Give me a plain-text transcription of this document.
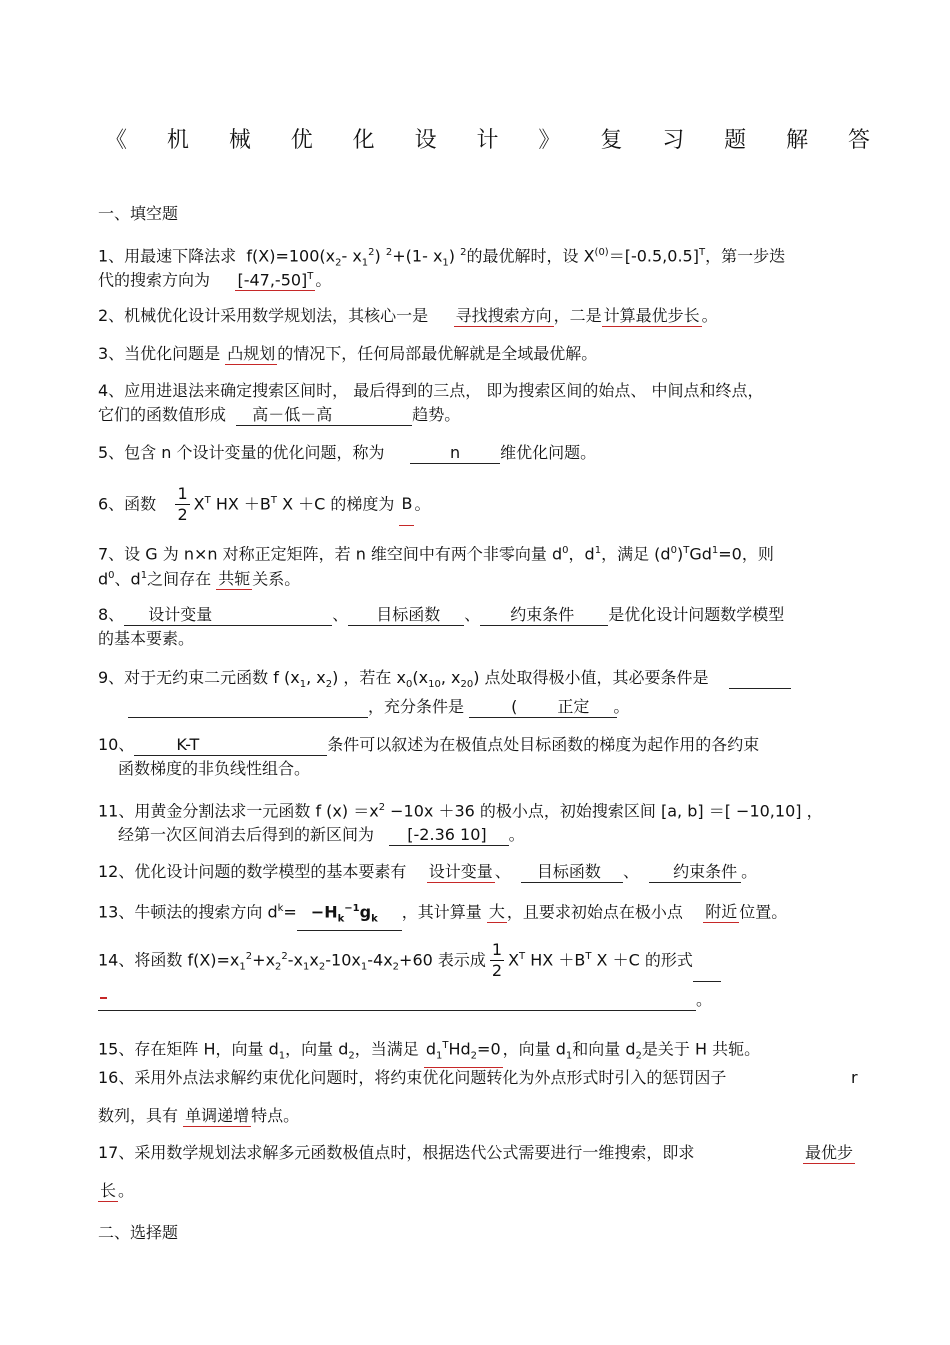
《 机 械 优 化 设 计 》 复 习 题 解 答
一、填空题
1、用最速下降法求 $f(X)=100(x_2-$ $x_1^2$) $^2$+(1- $x_1$) $^2$的最优解时，设 $X^{(0)}=[-0.5,0.5]^T$，第一步迭
代的搜索方向为 $[-47,-50]^T$ 。
2、机械优化设计采用数学规划法，其核心一是 寻找搜索方向 ，二是 计算最优步长 。
3、当优化问题是 凸规划 的情况下，任何局部最优解就是全域最优解。
4、应用进退法来确定搜索区间时， 最后得到的三点， 即为搜索区间的始点、 中间点和终点，
它们的函数值形成 高－低－高	趋势。
5、包含 n 个设计变量的优化问题，称为	n	维优化问题。
6、函数 $\frac{1}{2} X^T$ HX $+B^T$ X ＋C 的梯度为 B 。
7、设 G 为 n×n 对称正定矩阵，若 n 维空间中有两个非零向量 $d^0$，$d^1$，满足 $(d^0)^TGd^1=0$，则
$d^0$、$d^1$之间存在 共轭 关系。
8、 设计变量	、 目标函数 、 约束条件 是优化设计问题数学模型
的基本要素。
9、对于无约束二元函数 f ($x_1$, $x_2$) ，若在 $x_0(x_{10}$, $x_{20}$) 点处取得极小值，其必要条件是
，充分条件是	(	正定 。
10、	K-T	条件可以叙述为在极值点处目标函数的梯度为起作用的各约束
函数梯度的非负线性组合。
11、用黄金分割法求一元函数 f $(x) =x^2 -10x +36$ 的极小点，初始搜索区间 [a, b] ＝[ −10,10] ，
经第一次区间消去后得到的新区间为 [-2.36 10] 。
12、优化设计问题的数学模型的基本要素有 设计变量 、 目标函数 、 约束条件 。
13、牛顿法的搜索方向 $d^k= -H_k^{-1}g_k$ ，其计算量 大 ，且要求初始点在极小点 附近 位置。
14、将函数 $f(X)=x_1^2+x_2^2-x_1x_2-10x_1-4x_2+60$ 表示成 $\frac{1}{2} X^T$ HX $+B^T$ X ＋C 的形式
。
15、存在矩阵 H，向量 $d_1$，向量 $d_2$，当满足 $d_1^THd_2=0$ ，向量 $d_1$和向量 $d_2$是关于 H 共轭。
16、采用外点法求解约束优化问题时，将约束优化问题转化为外点形式时引入的惩罚因子	r
数列，具有 单调递增 特点。
17、采用数学规划法求解多元函数极值点时，根据迭代公式需要进行一维搜索，即求	最优步
长 。
二、选择题
